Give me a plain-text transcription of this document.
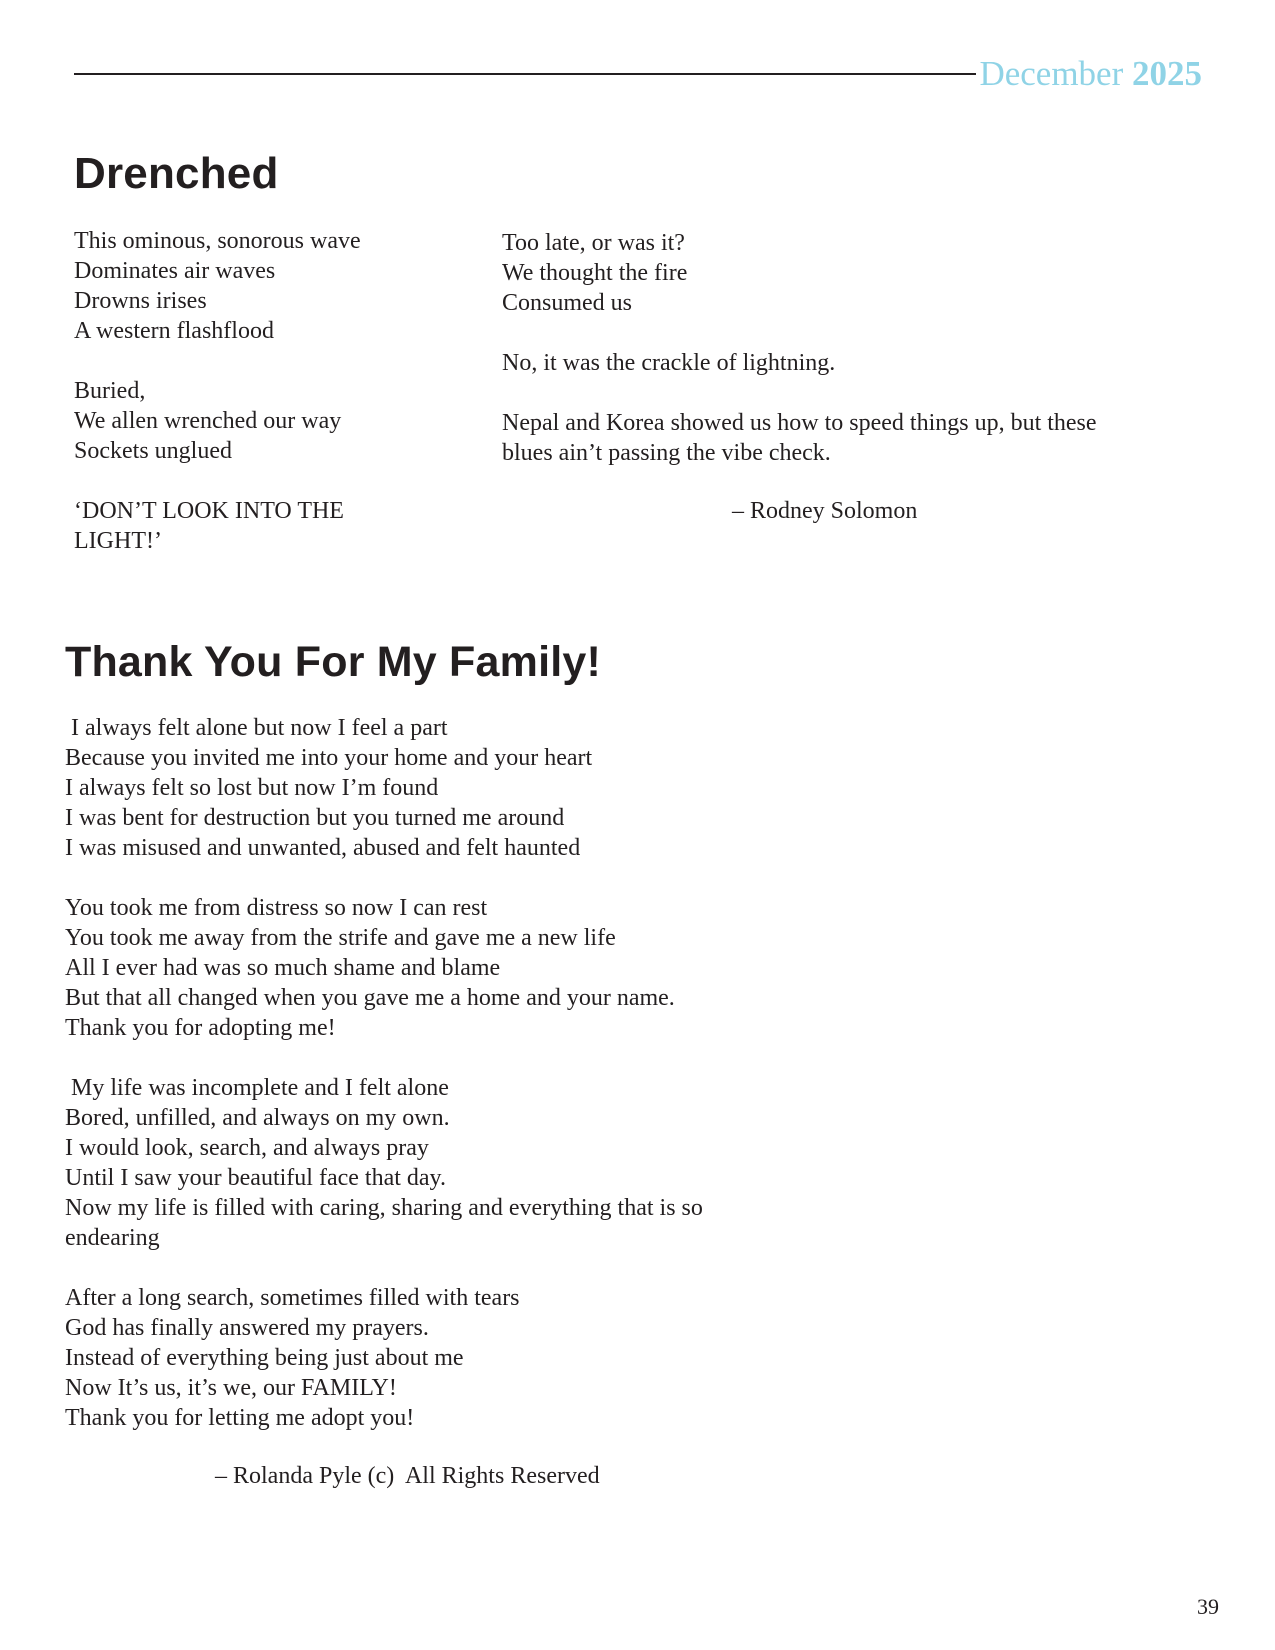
December 2025
Drenched
This ominous, sonorous wave
Dominates air waves
Drowns irises
A western flashflood
Buried,
We allen wrenched our way
Sockets unglued
‘DON’T LOOK INTO THE
LIGHT!’
Too late, or was it?
We thought the fire
Consumed us
No, it was the crackle of lightning.
Nepal and Korea showed us how to speed things up, but these
blues ain’t passing the vibe check.
– Rodney Solomon
Thank You For My Family!
I always felt alone but now I feel a part
Because you invited me into your home and your heart
I always felt so lost but now I’m found
I was bent for destruction but you turned me around
I was misused and unwanted, abused and felt haunted
You took me from distress so now I can rest
You took me away from the strife and gave me a new life
All I ever had was so much shame and blame
But that all changed when you gave me a home and your name.
Thank you for adopting me!
My life was incomplete and I felt alone
Bored, unfilled, and always on my own.
I would look, search, and always pray
Until I saw your beautiful face that day.
Now my life is filled with caring, sharing and everything that is so
endearing
After a long search, sometimes filled with tears
God has finally answered my prayers.
Instead of everything being just about me
Now It’s us, it’s we, our FAMILY!
Thank you for letting me adopt you!
– Rolanda Pyle (c)  All Rights Reserved
39
